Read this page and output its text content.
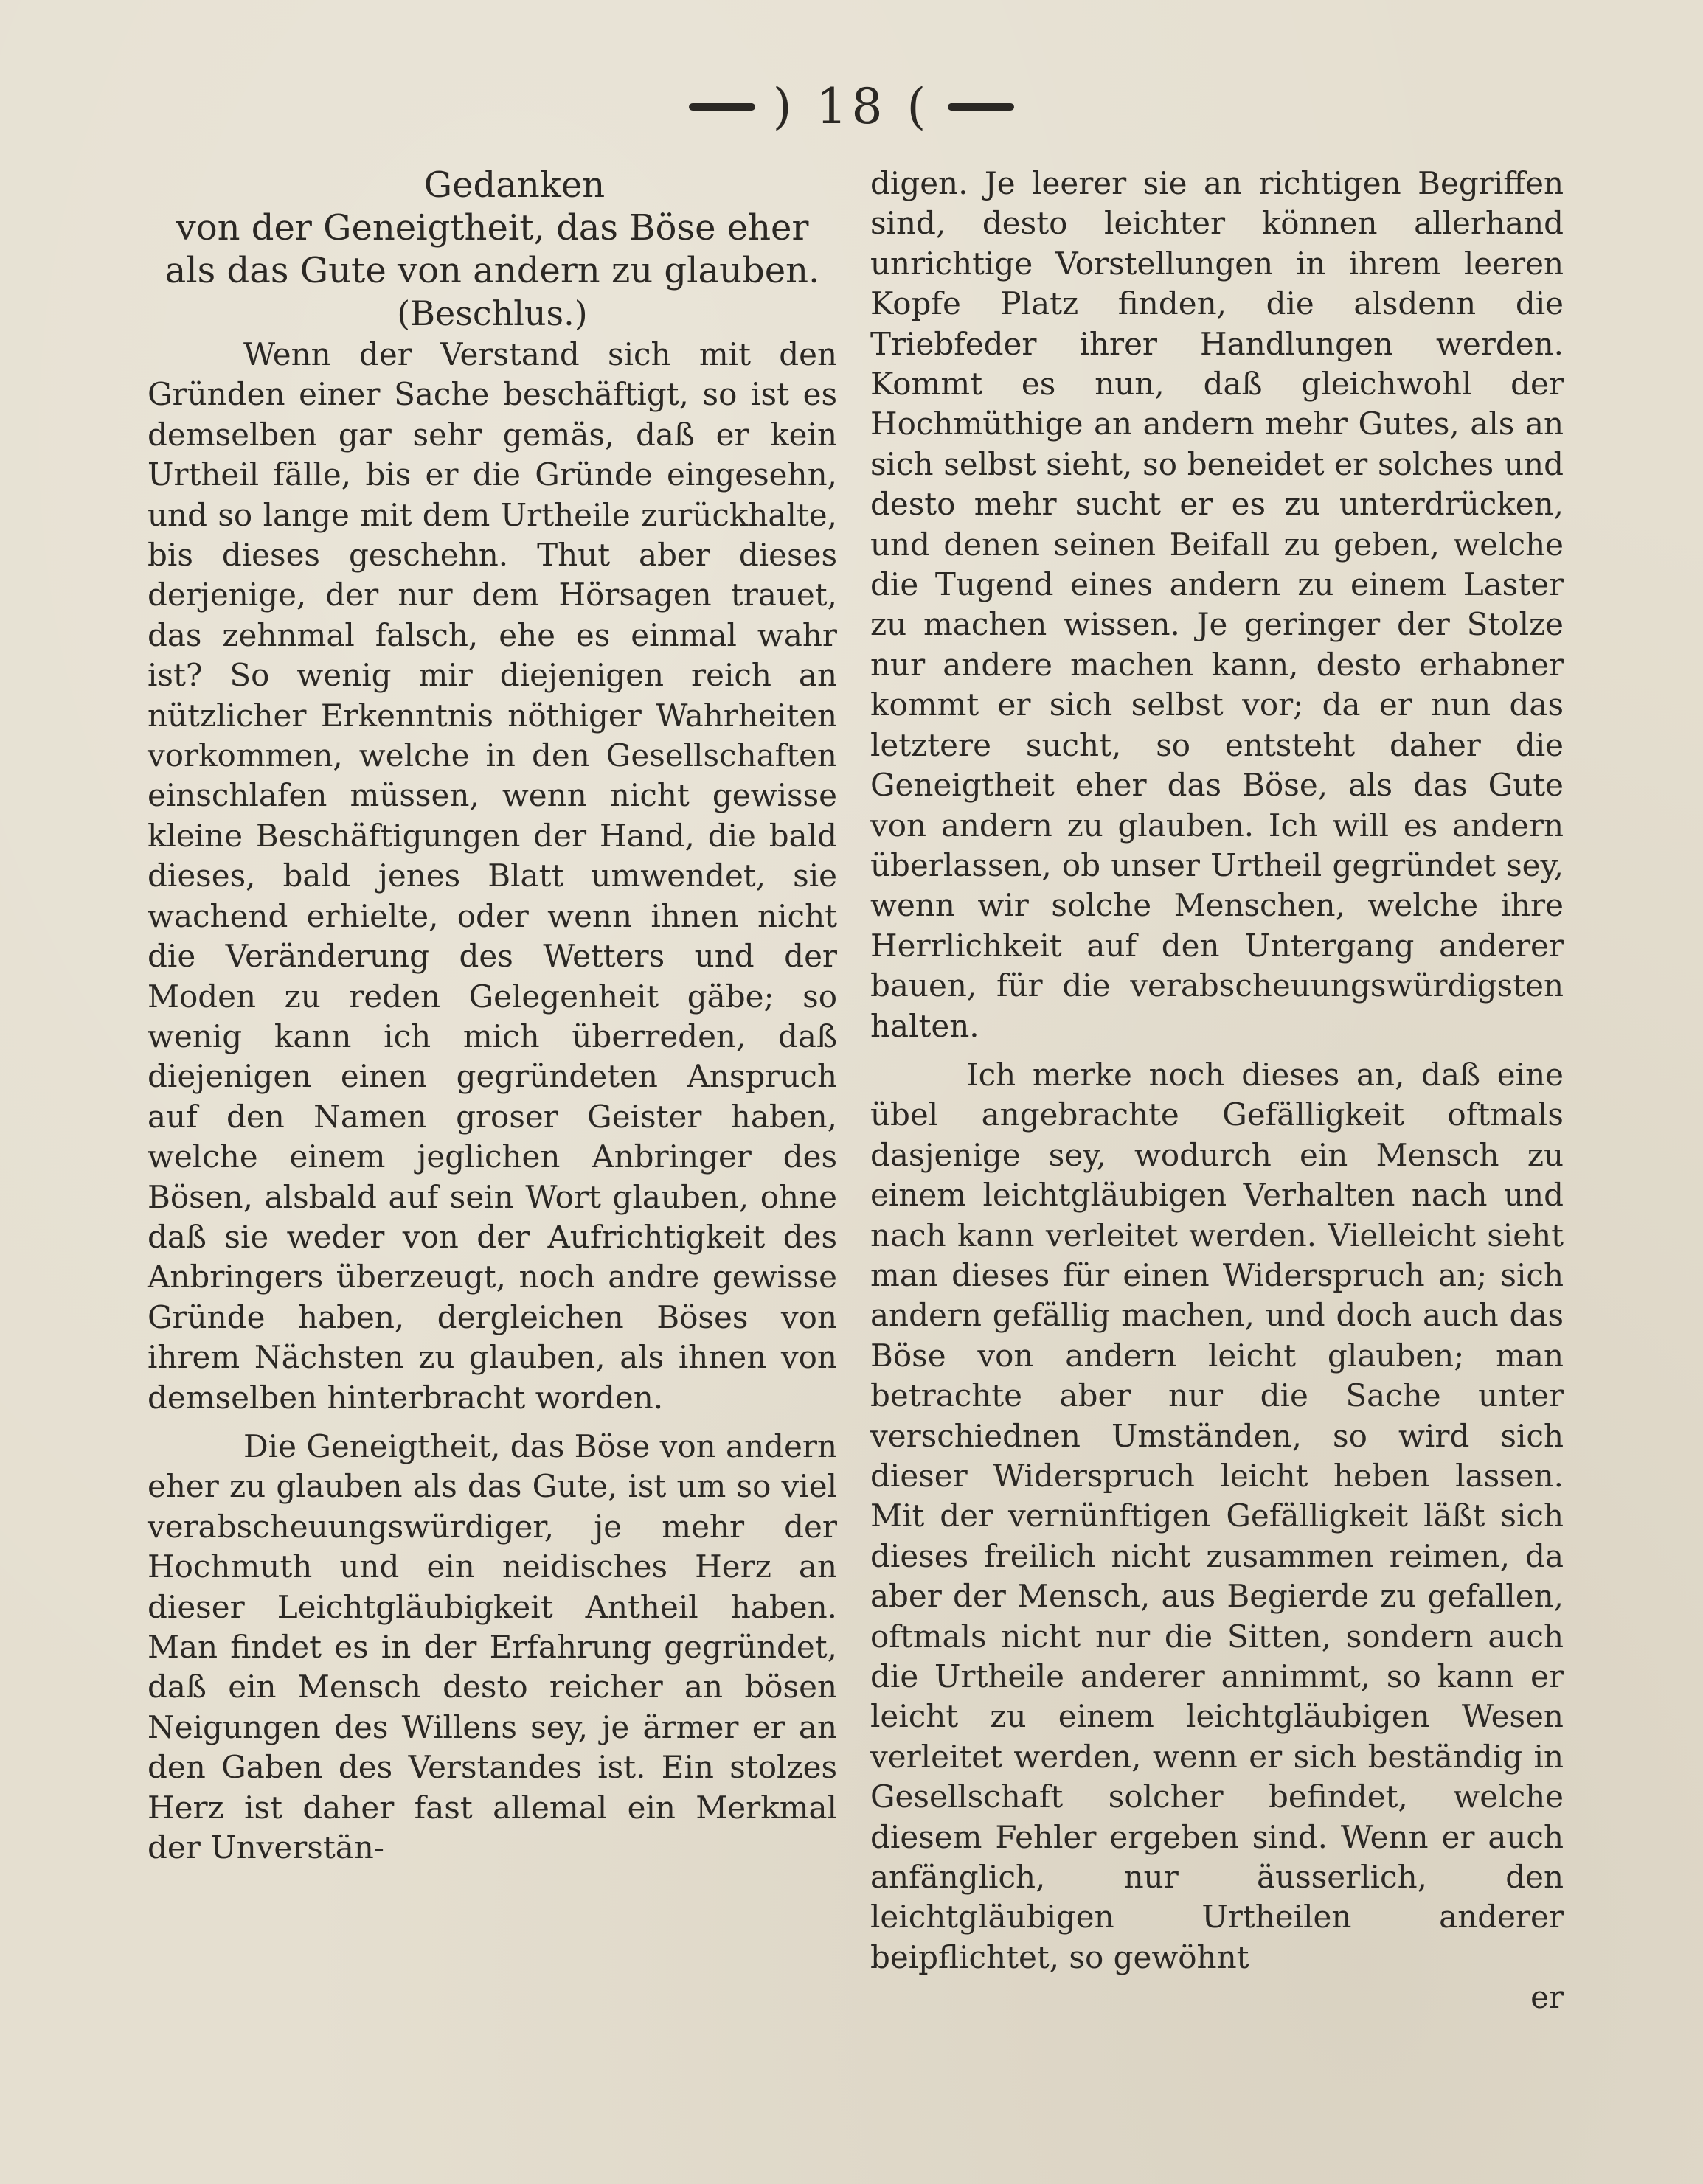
) 18 (

Gedanken

von der Geneigtheit, das Böse eher

als das Gute von andern zu glauben.

(Beschlus.)

Wenn der Verstand sich mit den Gründen einer Sache beschäftigt, so ist es demselben gar sehr gemäs, daß er kein Urtheil fälle, bis er die Gründe eingesehn, und so lange mit dem Urtheile zurückhalte, bis dieses geschehn. Thut aber dieses derjenige, der nur dem Hörsagen trauet, das zehnmal falsch, ehe es einmal wahr ist? So wenig mir diejenigen reich an nützlicher Erkenntnis nöthiger Wahrheiten vorkommen, welche in den Gesellschaften einschlafen müssen, wenn nicht gewisse kleine Beschäftigungen der Hand, die bald dieses, bald jenes Blatt umwendet, sie wachend erhielte, oder wenn ihnen nicht die Veränderung des Wetters und der Moden zu reden Gelegenheit gäbe; so wenig kann ich mich überreden, daß diejenigen einen gegründeten Anspruch auf den Namen groser Geister haben, welche einem jeglichen Anbringer des Bösen, alsbald auf sein Wort glauben, ohne daß sie weder von der Aufrichtigkeit des Anbringers überzeugt, noch andre gewisse Gründe haben, dergleichen Böses von ihrem Nächsten zu glauben, als ihnen von demselben hinterbracht worden.

Die Geneigtheit, das Böse von andern eher zu glauben als das Gute, ist um so viel verabscheuungswürdiger, je mehr der Hochmuth und ein neidisches Herz an dieser Leichtgläubigkeit Antheil haben. Man findet es in der Erfahrung gegründet, daß ein Mensch desto reicher an bösen Neigungen des Willens sey, je ärmer er an den Gaben des Verstandes ist. Ein stolzes Herz ist daher fast allemal ein Merkmal der Unverstän-

digen. Je leerer sie an richtigen Begriffen sind, desto leichter können allerhand unrichtige Vorstellungen in ihrem leeren Kopfe Platz finden, die alsdenn die Triebfeder ihrer Handlungen werden. Kommt es nun, daß gleichwohl der Hochmüthige an andern mehr Gutes, als an sich selbst sieht, so beneidet er solches und desto mehr sucht er es zu unterdrücken, und denen seinen Beifall zu geben, welche die Tugend eines andern zu einem Laster zu machen wissen. Je geringer der Stolze nur andere machen kann, desto erhabner kommt er sich selbst vor; da er nun das letztere sucht, so entsteht daher die Geneigtheit eher das Böse, als das Gute von andern zu glauben. Ich will es andern überlassen, ob unser Urtheil gegründet sey, wenn wir solche Menschen, welche ihre Herrlichkeit auf den Untergang anderer bauen, für die verabscheuungswürdigsten halten.

Ich merke noch dieses an, daß eine übel angebrachte Gefälligkeit oftmals dasjenige sey, wodurch ein Mensch zu einem leichtgläubigen Verhalten nach und nach kann verleitet werden. Vielleicht sieht man dieses für einen Widerspruch an; sich andern gefällig machen, und doch auch das Böse von andern leicht glauben; man betrachte aber nur die Sache unter verschiednen Umständen, so wird sich dieser Widerspruch leicht heben lassen. Mit der vernünftigen Gefälligkeit läßt sich dieses freilich nicht zusammen reimen, da aber der Mensch, aus Begierde zu gefallen, oftmals nicht nur die Sitten, sondern auch die Urtheile anderer annimmt, so kann er leicht zu einem leichtgläubigen Wesen verleitet werden, wenn er sich beständig in Gesellschaft solcher befindet, welche diesem Fehler ergeben sind. Wenn er auch anfänglich, nur äusserlich, den leichtgläubigen Urtheilen anderer beipflichtet, so gewöhnt

er
